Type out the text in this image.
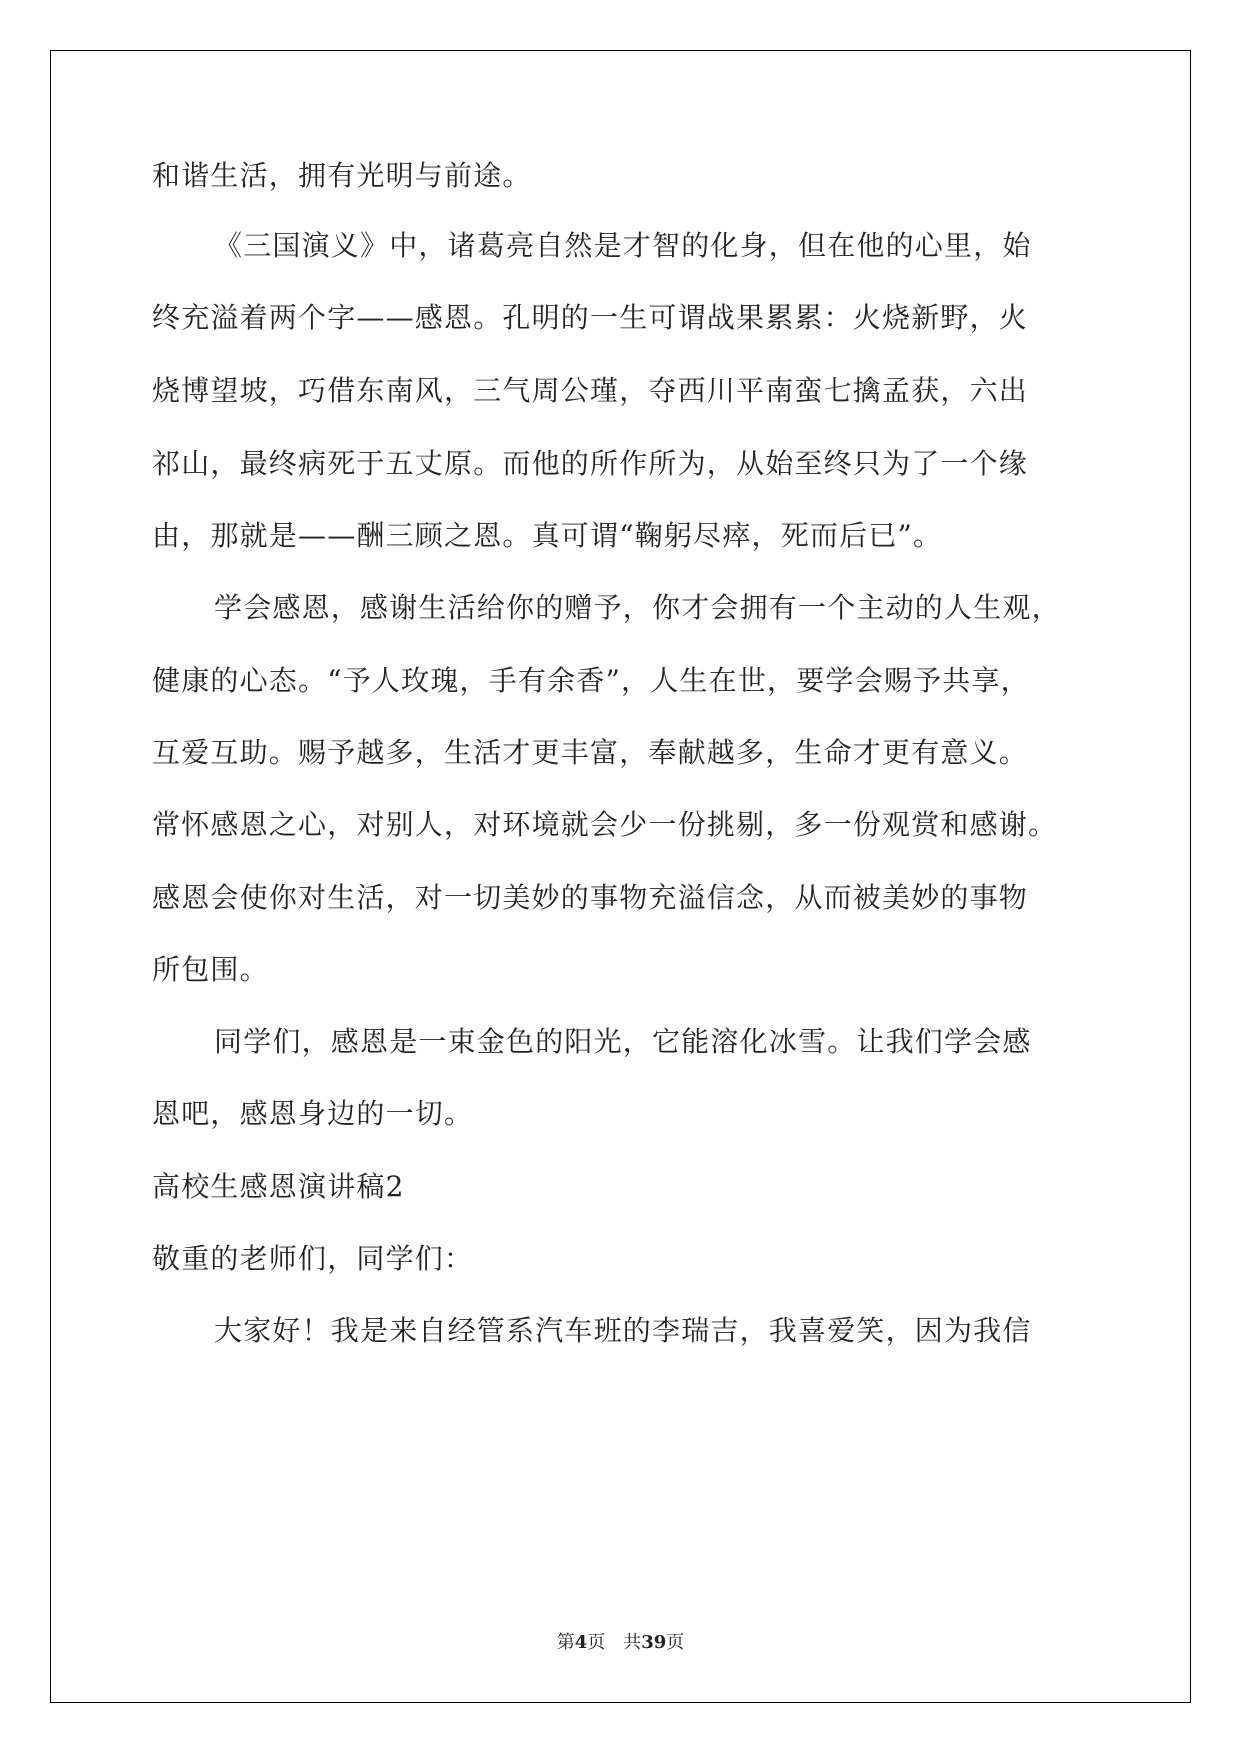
和谐生活，拥有光明与前途。
《三国演义》中，诸葛亮自然是才智的化身，但在他的心里，始
终充溢着两个字——感恩。孔明的一生可谓战果累累：火烧新野，火
烧博望坡，巧借东南风，三气周公瑾，夺西川平南蛮七擒孟获，六出
祁山，最终病死于五丈原。而他的所作所为，从始至终只为了一个缘
由，那就是——酬三顾之恩。真可谓“鞠躬尽瘁，死而后已”。
学会感恩，感谢生活给你的赠予，你才会拥有一个主动的人生观，
健康的心态。“予人玫瑰，手有余香”，人生在世，要学会赐予共享，
互爱互助。赐予越多，生活才更丰富，奉献越多，生命才更有意义。
常怀感恩之心，对别人，对环境就会少一份挑剔，多一份观赏和感谢。
感恩会使你对生活，对一切美妙的事物充溢信念，从而被美妙的事物
所包围。
同学们，感恩是一束金色的阳光，它能溶化冰雪。让我们学会感
恩吧，感恩身边的一切。
高校生感恩演讲稿2
敬重的老师们，同学们：
大家好！我是来自经管系汽车班的李瑞吉，我喜爱笑，因为我信
第4页　共39页
